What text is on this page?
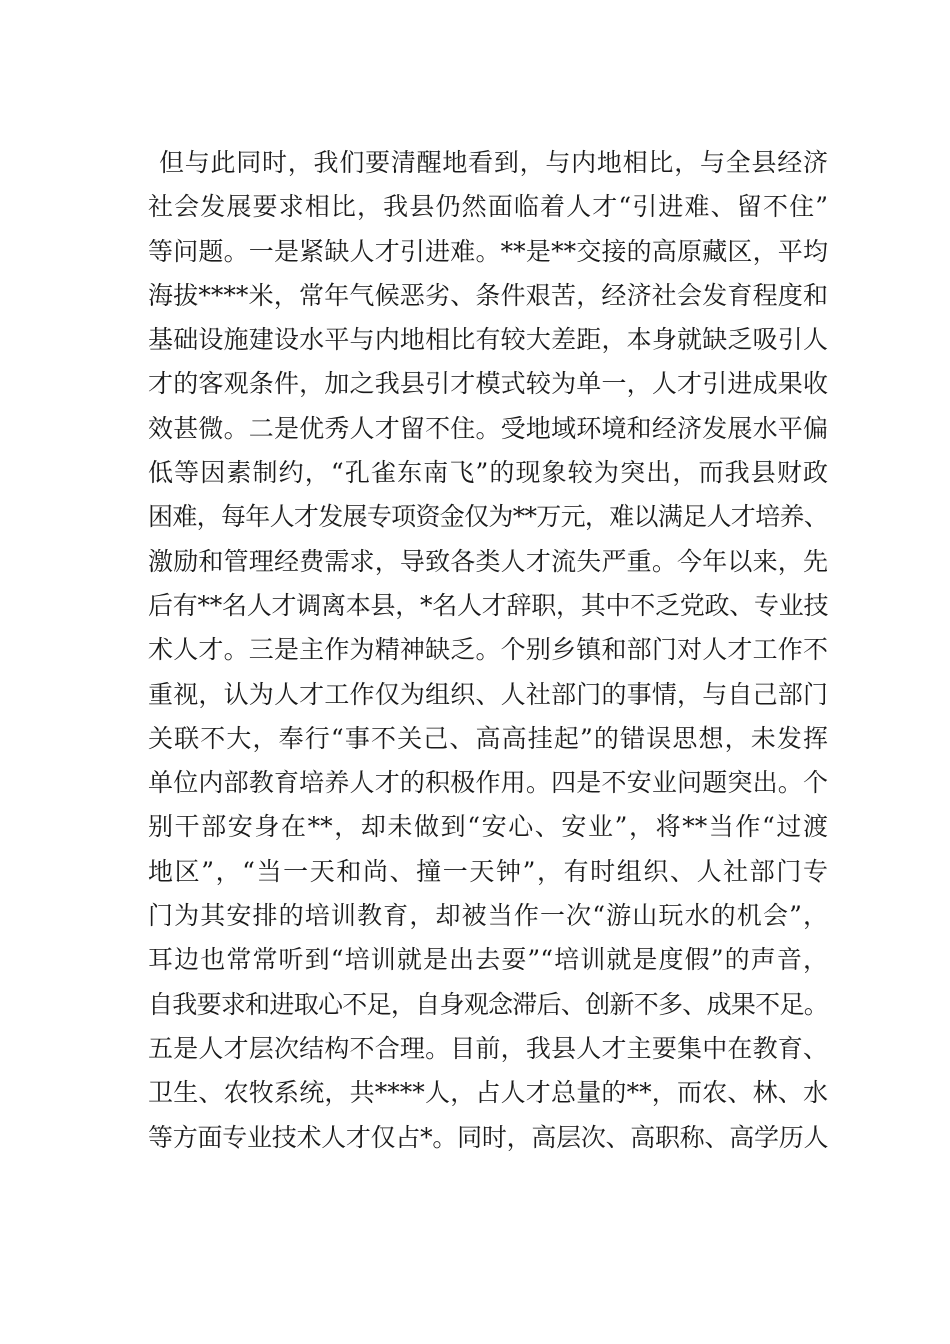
但与此同时，我们要清醒地看到，与内地相比，与全县经济
社会发展要求相比，我县仍然面临着人才“引进难、留不住”
等问题。一是紧缺人才引进难。**是**交接的高原藏区，平均
海拔****米，常年气候恶劣、条件艰苦，经济社会发育程度和
基础设施建设水平与内地相比有较大差距，本身就缺乏吸引人
才的客观条件，加之我县引才模式较为单一，人才引进成果收
效甚微。二是优秀人才留不住。受地域环境和经济发展水平偏
低等因素制约，“孔雀东南飞”的现象较为突出，而我县财政
困难，每年人才发展专项资金仅为**万元，难以满足人才培养、
激励和管理经费需求，导致各类人才流失严重。今年以来，先
后有**名人才调离本县，*名人才辞职，其中不乏党政、专业技
术人才。三是主作为精神缺乏。个别乡镇和部门对人才工作不
重视，认为人才工作仅为组织、人社部门的事情，与自己部门
关联不大，奉行“事不关己、高高挂起”的错误思想，未发挥
单位内部教育培养人才的积极作用。四是不安业问题突出。个
别干部安身在**，却未做到“安心、安业”，将**当作“过渡
地区”，“当一天和尚、撞一天钟”，有时组织、人社部门专
门为其安排的培训教育，却被当作一次“游山玩水的机会”，
耳边也常常听到“培训就是出去耍”“培训就是度假”的声音，
自我要求和进取心不足，自身观念滞后、创新不多、成果不足。
五是人才层次结构不合理。目前，我县人才主要集中在教育、
卫生、农牧系统，共****人，占人才总量的**，而农、林、水
等方面专业技术人才仅占*。同时，高层次、高职称、高学历人
